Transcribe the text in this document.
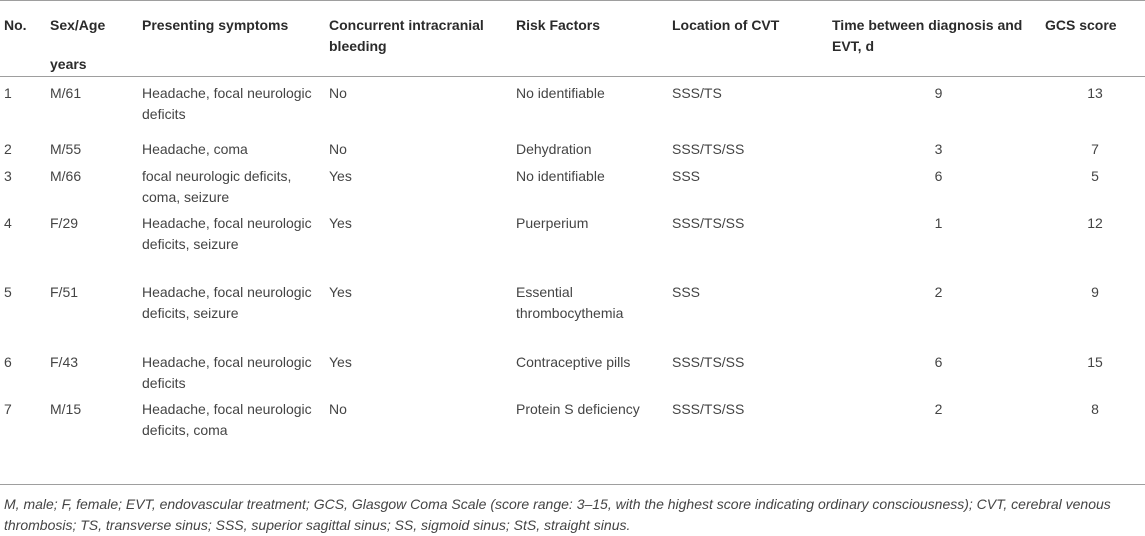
No.	Sex/Age	Presenting symptoms	Concurrent intracranial bleeding	Risk Factors	Location of CVT	Time between diagnosis and EVT, d	GCS score
	years						
1	M/61	Headache, focal neurologic deficits	No	No identifiable	SSS/TS	9	13
2	M/55	Headache, coma	No	Dehydration	SSS/TS/SS	3	7
3	M/66	focal neurologic deficits, coma, seizure	Yes	No identifiable	SSS	6	5
4	F/29	Headache, focal neurologic deficits, seizure	Yes	Puerperium	SSS/TS/SS	1	12
5	F/51	Headache, focal neurologic deficits, seizure	Yes	Essential thrombocythemia	SSS	2	9
6	F/43	Headache, focal neurologic deficits	Yes	Contraceptive pills	SSS/TS/SS	6	15
7	M/15	Headache, focal neurologic deficits, coma	No	Protein S deficiency	SSS/TS/SS	2	8
M, male; F, female; EVT, endovascular treatment; GCS, Glasgow Coma Scale (score range: 3–15, with the highest score indicating ordinary consciousness); CVT, cerebral venous thrombosis; TS, transverse sinus; SSS, superior sagittal sinus; SS, sigmoid sinus; StS, straight sinus.
